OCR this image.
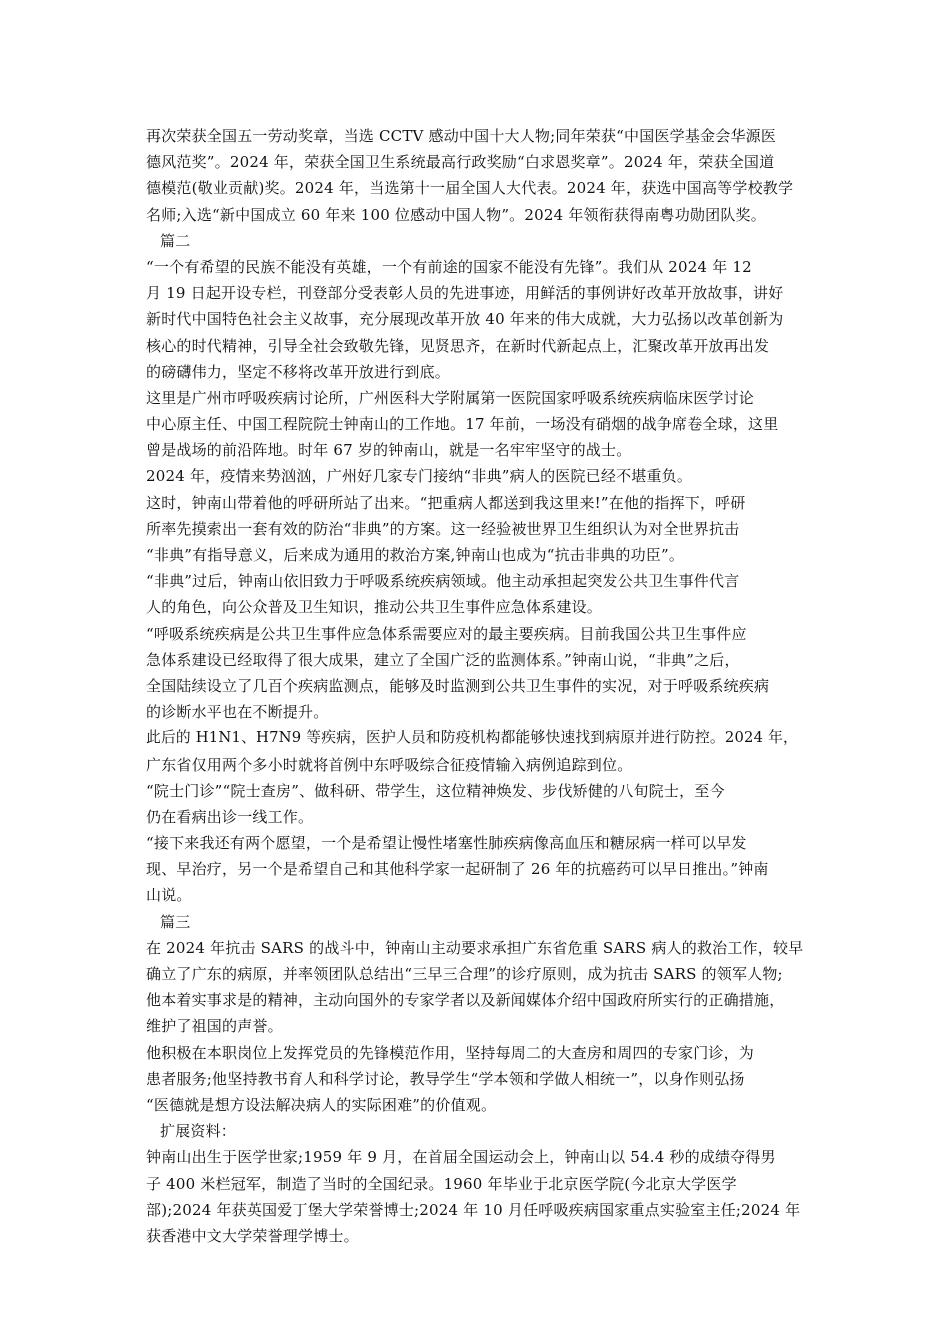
再次荣获全国五一劳动奖章，当选 CCTV 感动中国十大人物;同年荣获“中国医学基金会华源医
德风范奖”。2024 年，荣获全国卫生系统最高行政奖励“白求恩奖章”。2024 年，荣获全国道
德模范(敬业贡献)奖。2024 年，当选第十一届全国人大代表。2024 年，获选中国高等学校教学
名师;入选“新中国成立 60 年来 100 位感动中国人物”。2024 年领衔获得南粤功勋团队奖。
篇二
“一个有希望的民族不能没有英雄，一个有前途的国家不能没有先锋”。我们从 2024 年 12
月 19 日起开设专栏，刊登部分受表彰人员的先进事迹，用鲜活的事例讲好改革开放故事，讲好
新时代中国特色社会主义故事，充分展现改革开放 40 年来的伟大成就，大力弘扬以改革创新为
核心的时代精神，引导全社会致敬先锋，见贤思齐，在新时代新起点上，汇聚改革开放再出发
的磅礴伟力，坚定不移将改革开放进行到底。
这里是广州市呼吸疾病讨论所，广州医科大学附属第一医院国家呼吸系统疾病临床医学讨论
中心原主任、中国工程院院士钟南山的工作地。17 年前，一场没有硝烟的战争席卷全球，这里
曾是战场的前沿阵地。时年 67 岁的钟南山，就是一名牢牢坚守的战士。
2024 年，疫情来势汹汹，广州好几家专门接纳“非典”病人的医院已经不堪重负。
这时，钟南山带着他的呼研所站了出来。“把重病人都送到我这里来!”在他的指挥下，呼研
所率先摸索出一套有效的防治“非典”的方案。这一经验被世界卫生组织认为对全世界抗击
“非典”有指导意义，后来成为通用的救治方案,钟南山也成为“抗击非典的功臣”。
“非典”过后，钟南山依旧致力于呼吸系统疾病领域。他主动承担起突发公共卫生事件代言
人的角色，向公众普及卫生知识，推动公共卫生事件应急体系建设。
“呼吸系统疾病是公共卫生事件应急体系需要应对的最主要疾病。目前我国公共卫生事件应
急体系建设已经取得了很大成果，建立了全国广泛的监测体系。”钟南山说，“非典”之后，
全国陆续设立了几百个疾病监测点，能够及时监测到公共卫生事件的实况，对于呼吸系统疾病
的诊断水平也在不断提升。
此后的 H1N1、H7N9 等疾病，医护人员和防疫机构都能够快速找到病原并进行防控。2024 年，
广东省仅用两个多小时就将首例中东呼吸综合征疫情输入病例追踪到位。
“院士门诊”“院士查房”、做科研、带学生，这位精神焕发、步伐矫健的八旬院士，至今
仍在看病出诊一线工作。
“接下来我还有两个愿望，一个是希望让慢性堵塞性肺疾病像高血压和糖尿病一样可以早发
现、早治疗，另一个是希望自己和其他科学家一起研制了 26 年的抗癌药可以早日推出。”钟南
山说。
篇三
在 2024 年抗击 SARS 的战斗中，钟南山主动要求承担广东省危重 SARS 病人的救治工作，较早
确立了广东的病原，并率领团队总结出“三早三合理”的诊疗原则，成为抗击 SARS 的领军人物;
他本着实事求是的精神，主动向国外的专家学者以及新闻媒体介绍中国政府所实行的正确措施，
维护了祖国的声誉。
他积极在本职岗位上发挥党员的先锋模范作用，坚持每周二的大查房和周四的专家门诊，为
患者服务;他坚持教书育人和科学讨论，教导学生“学本领和学做人相统一”，以身作则弘扬
“医德就是想方设法解决病人的实际困难”的价值观。
扩展资料：
钟南山出生于医学世家;1959 年 9 月，在首届全国运动会上，钟南山以 54.4 秒的成绩夺得男
子 400 米栏冠军，制造了当时的全国纪录。1960 年毕业于北京医学院(今北京大学医学
部);2024 年获英国爱丁堡大学荣誉博士;2024 年 10 月任呼吸疾病国家重点实验室主任;2024 年
获香港中文大学荣誉理学博士。
